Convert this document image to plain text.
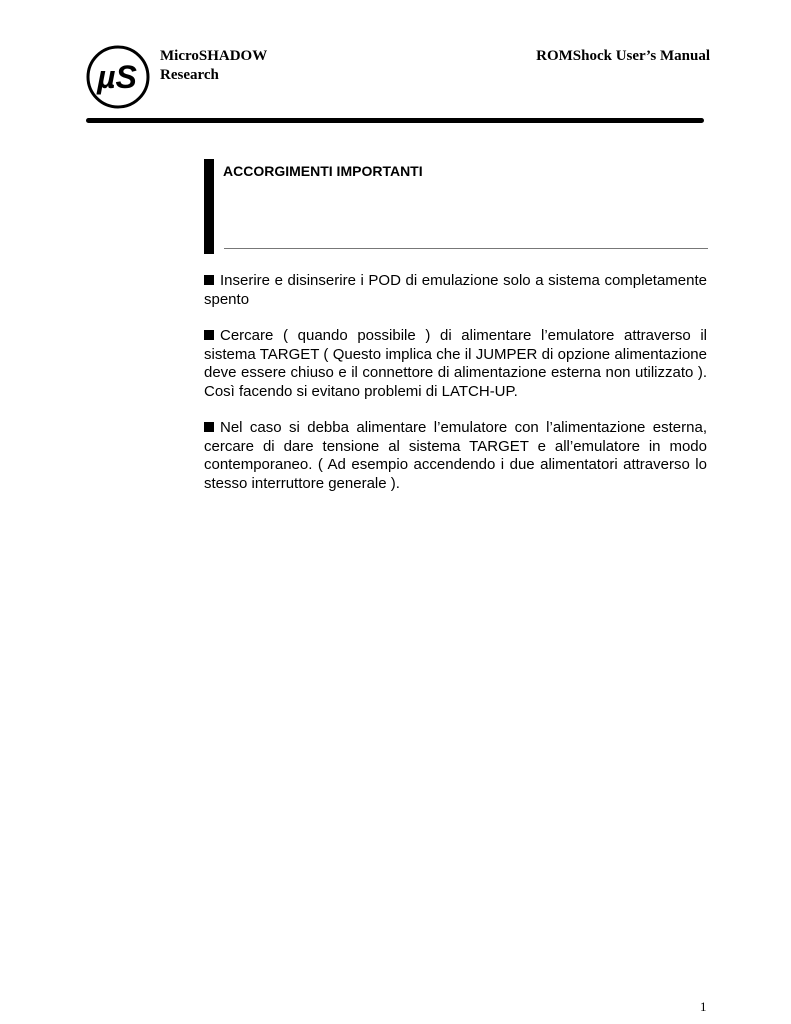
µS
MicroSHADOW
Research
ROMShock User’s Manual
ACCORGIMENTI IMPORTANTI

Inserire e disinserire i POD di emulazione solo a sistema completamente spento

Cercare ( quando possibile ) di alimentare l’emulatore attraverso il sistema TARGET ( Questo implica che il JUMPER di opzione alimentazione deve essere chiuso e il connettore di alimentazione esterna non utilizzato ). Così facendo si evitano problemi di LATCH-UP.

Nel caso si debba alimentare l’emulatore con l’alimentazione esterna, cercare di dare tensione al sistema TARGET e all’emulatore in modo contemporaneo. ( Ad esempio accendendo i due alimentatori attraverso lo stesso interruttore generale ).

1
